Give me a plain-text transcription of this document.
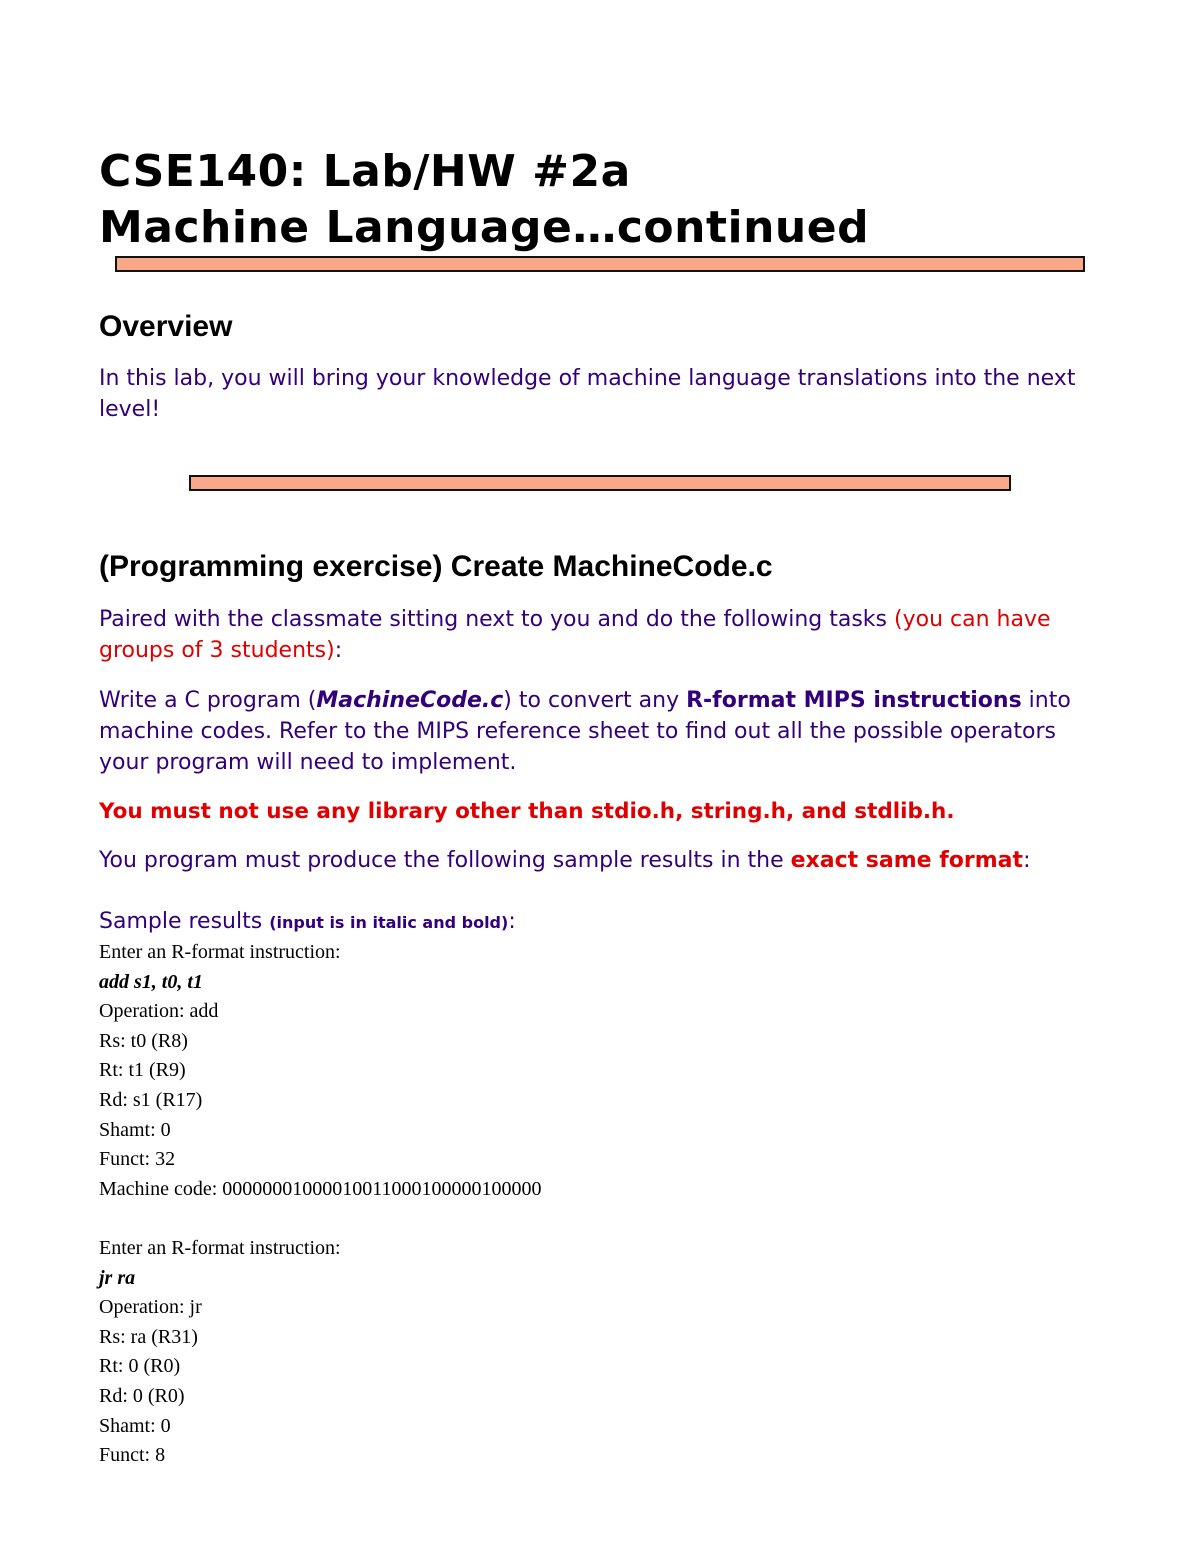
CSE140: Lab/HW #2a
Machine Language…continued
Overview
In this lab, you will bring your knowledge of machine language translations into the next level!
(Programming exercise) Create MachineCode.c
Paired with the classmate sitting next to you and do the following tasks (you can have groups of 3 students):
Write a C program (MachineCode.c) to convert any R-format MIPS instructions into machine codes. Refer to the MIPS reference sheet to find out all the possible operators your program will need to implement.
You must not use any library other than stdio.h, string.h, and stdlib.h.
You program must produce the following sample results in the exact same format:
Sample results (input is in italic and bold):
Enter an R-format instruction:
add s1, t0, t1
Operation: add
Rs: t0 (R8)
Rt: t1 (R9)
Rd: s1 (R17)
Shamt: 0
Funct: 32
Machine code: 00000001000010011000100000100000
Enter an R-format instruction:
jr ra
Operation: jr
Rs: ra (R31)
Rt: 0 (R0)
Rd: 0 (R0)
Shamt: 0
Funct: 8
